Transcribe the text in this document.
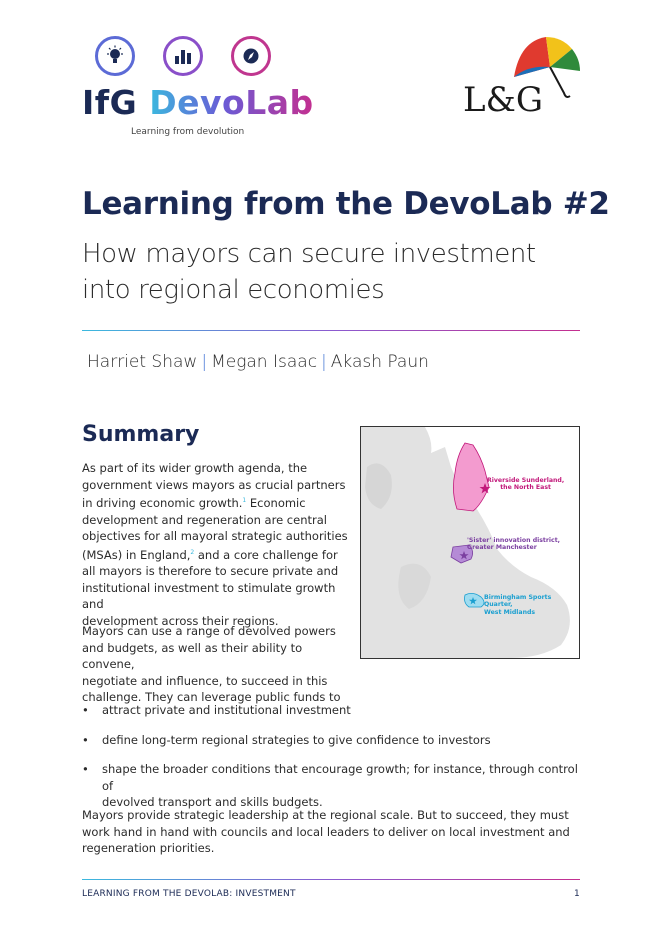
IfG DevoLab
Learning from devolution
L&G
Learning from the DevoLab #2
How mayors can secure investment
into regional economies
Harriet Shaw | Megan Isaac | Akash Paun
Summary

As part of its wider growth agenda, the

government views mayors as crucial partners

in driving economic growth.$^1$ Economic

development and regeneration are central

objectives for all mayoral strategic authorities

(MSAs) in England,$^2$ and a core challenge for

all mayors is therefore to secure private and

institutional investment to stimulate growth and

development across their regions.

Mayors can use a range of devolved powers

and budgets, as well as their ability to convene,

negotiate and influence, to succeed in this

challenge. They can leverage public funds to

Riverside Sunderland,
the North East
'Sister' innovation district,
Greater Manchester
Birmingham Sports Quarter,
West Midlands
• attract private and institutional investment
• define long-term regional strategies to give confidence to investors
• shape the broader conditions that encourage growth; for instance, through control of
devolved transport and skills budgets.

Mayors provide strategic leadership at the regional scale. But to succeed, they must

work hand in hand with councils and local leaders to deliver on local investment and

regeneration priorities.

LEARNING FROM THE DEVOLAB: INVESTMENT	1
